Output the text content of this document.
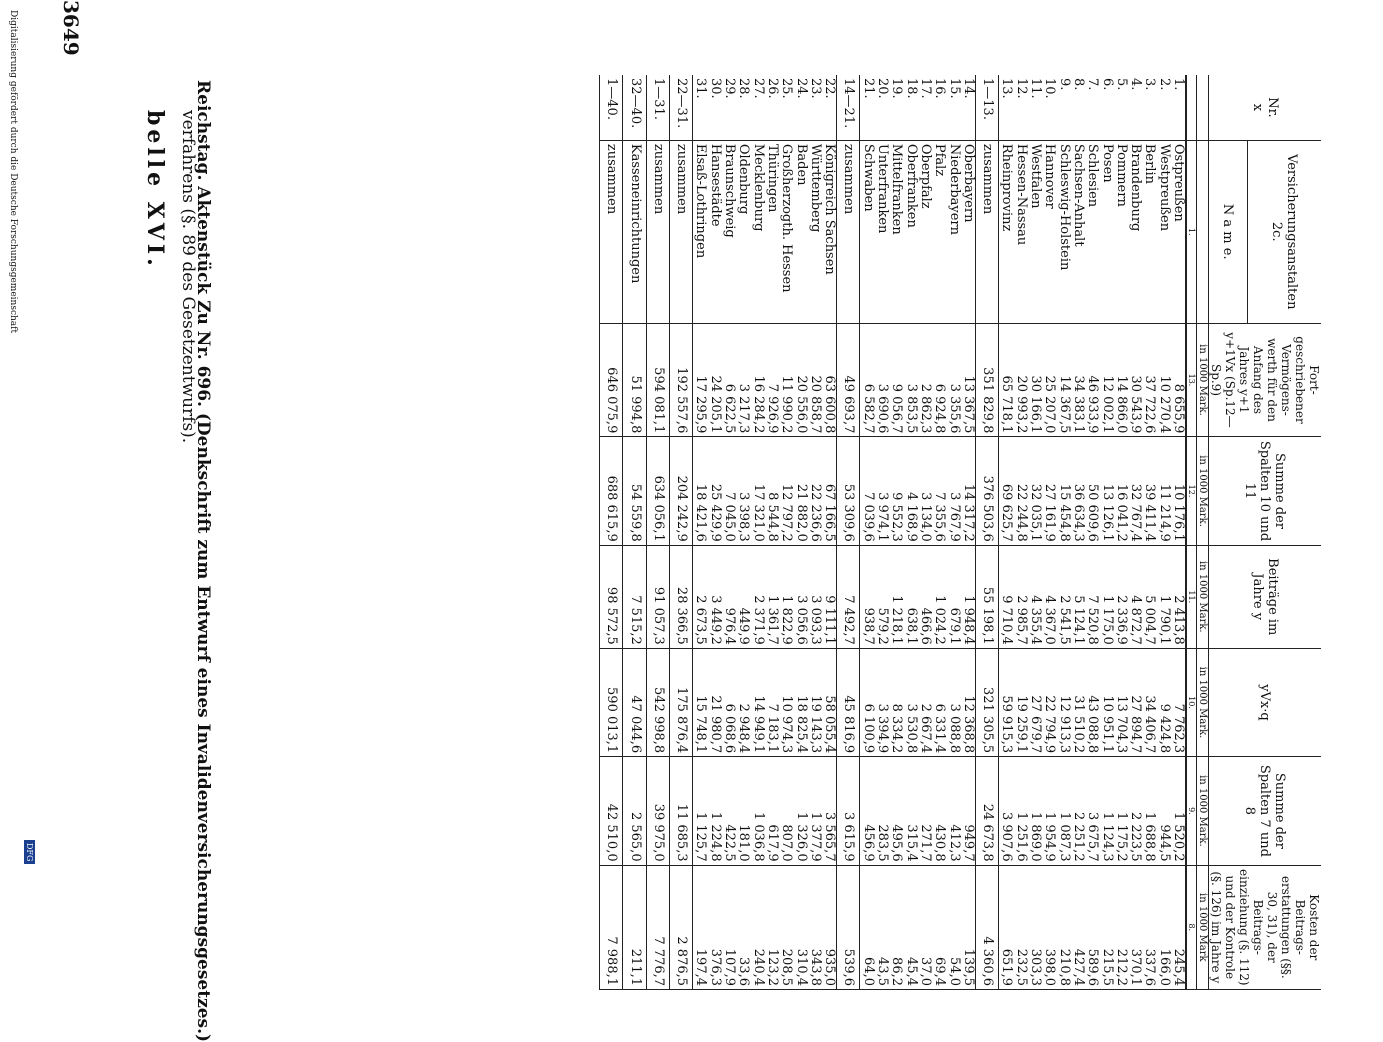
Reichstag. Aktenstück Zu Nr. 696. (Denkschrift zum Entwurf eines Invalidenversicherungsgesetzes.)
3649
belle XVI. verfahrens (§. 89 des Gesetzentwurfs).
Nr.
x	Versicherungsanstalten 2c.	Fort- geschriebener Vermögens- werth für den Anfang des Jahres y+1 y+1Vx (Sp.12—Sp.9)	Summe der Spalten 10 und 11	Beiträge im Jahre y	yVx·q	Summe der Spalten 7 und 8	Kosten der Beitrags- erstattungen (§§. 30, 31), der Beitrags- einziehung (§. 112) und der Kontrole (§. 126) im Jahre y
	N a m e.						
		in 1000 Mark.	in 1000 Mark.	in 1000 Mark.	in 1000 Mark.	in 1000 Mark.	in 1000 Mark
	1.	13.	12.	11.	10.	9.	8.
1.	Ostpreußen	8 655,9	10 176,1	2 413,8	7 762,3	1 520,2	245,4
2.	Westpreußen	10 270,4	11 214,9	1 790,1	9 424,8	944,5	166,0
3.	Berlin	37 722,6	39 411,4	5 004,7	34 406,7	1 688,8	337,6
4.	Brandenburg	30 543,9	32 767,4	4 872,7	27 894,7	2 223,5	370,1
5.	Pommern	14 866,0	16 041,2	2 336,9	13 704,3	1 175,2	212,2
6.	Posen	12 002,1	13 126,1	1 175,0	10 951,1	1 124,3	215,5
7.	Schlesien	46 933,9	50 609,6	7 520,8	43 088,8	3 675,7	589,6
8.	Sachsen-Anhalt	34 383,1	36 634,3	5 124,1	31 510,2	2 251,2	427,4
9.	Schleswig-Holstein	14 367,5	15 454,8	2 541,5	12 913,3	1 087,3	210,8
10.	Hannover	25 207,0	27 161,9	4 367,0	22 794,9	1 954,9	398,0
11.	Westfalen	30 166,1	32 035,1	4 355,4	27 679,7	1 869,0	303,3
12.	Hessen-Nassau	20 993,2	22 244,8	2 985,7	19 259,1	1 251,6	232,5
13.	Rheinprovinz	65 718,1	69 625,7	9 710,4	59 915,3	3 907,6	651,9
1—13.	zusammen	351 829,8	376 503,6	55 198,1	321 305,5	24 673,8	4 360,6
14.	Oberbayern	13 367,5	14 317,2	1 948,4	12 368,8	949,7	139,5
15.	Niederbayern	3 355,6	3 767,9	679,1	3 088,8	412,3	54,0
16.	Pfalz	6 924,8	7 355,6	1 024,2	6 331,4	430,8	69,4
17.	Oberpfalz	2 862,3	3 134,0	466,6	2 667,4	271,7	37,0
18.	Oberfranken	3 853,5	4 168,9	638,1	3 530,8	315,4	45,4
19.	Mittelfranken	9 056,7	9 552,3	1 218,1	8 334,2	495,6	86,2
20.	Unterfranken	3 690,6	3 974,1	579,2	3 394,9	283,5	43,5
21.	Schwaben	6 582,7	7 039,6	938,7	6 100,9	456,9	64,0
14—21.	zusammen	49 693,7	53 309,6	7 492,7	45 816,9	3 615,9	539,6
22.	Königreich Sachsen	63 600,8	67 166,5	9 111,1	58 055,4	3 565,7	935,0
23.	Württemberg	20 858,7	22 236,6	3 093,3	19 143,3	1 377,9	343,8
24.	Baden	20 556,0	21 882,0	3 056,6	18 825,4	1 326,0	310,4
25.	Großherzogth. Hessen	11 990,2	12 797,2	1 822,9	10 974,3	807,0	208,5
26.	Thüringen	7 926,9	8 544,8	1 361,7	7 183,1	617,9	123,2
27.	Mecklenburg	16 284,2	17 321,0	2 371,9	14 949,1	1 036,8	240,4
28.	Oldenburg	3 217,3	3 398,3	449,9	2 948,4	181,0	33,6
29.	Braunschweig	6 622,5	7 045,0	976,4	6 068,6	422,5	107,9
30.	Hansestädte	24 205,1	25 429,9	3 449,2	21 980,7	1 224,8	376,3
31.	Elsaß-Lothringen	17 295,9	18 421,6	2 673,5	15 748,1	1 125,7	197,4
22—31.	zusammen	192 557,6	204 242,9	28 366,5	175 876,4	11 685,3	2 876,5
1—31.	zusammen	594 081,1	634 056,1	91 057,3	542 998,8	39 975,0	7 776,7
32—40.	Kasseneinrichtungen	51 994,8	54 559,8	7 515,2	47 044,6	2 565,0	211,1
1—40.	zusammen	646 075,9	688 615,9	98 572,5	590 013,1	42 510,0	7 988,1
Digitalisierung gefördert durch die Deutsche Forschungsgemeinschaft
DFG
